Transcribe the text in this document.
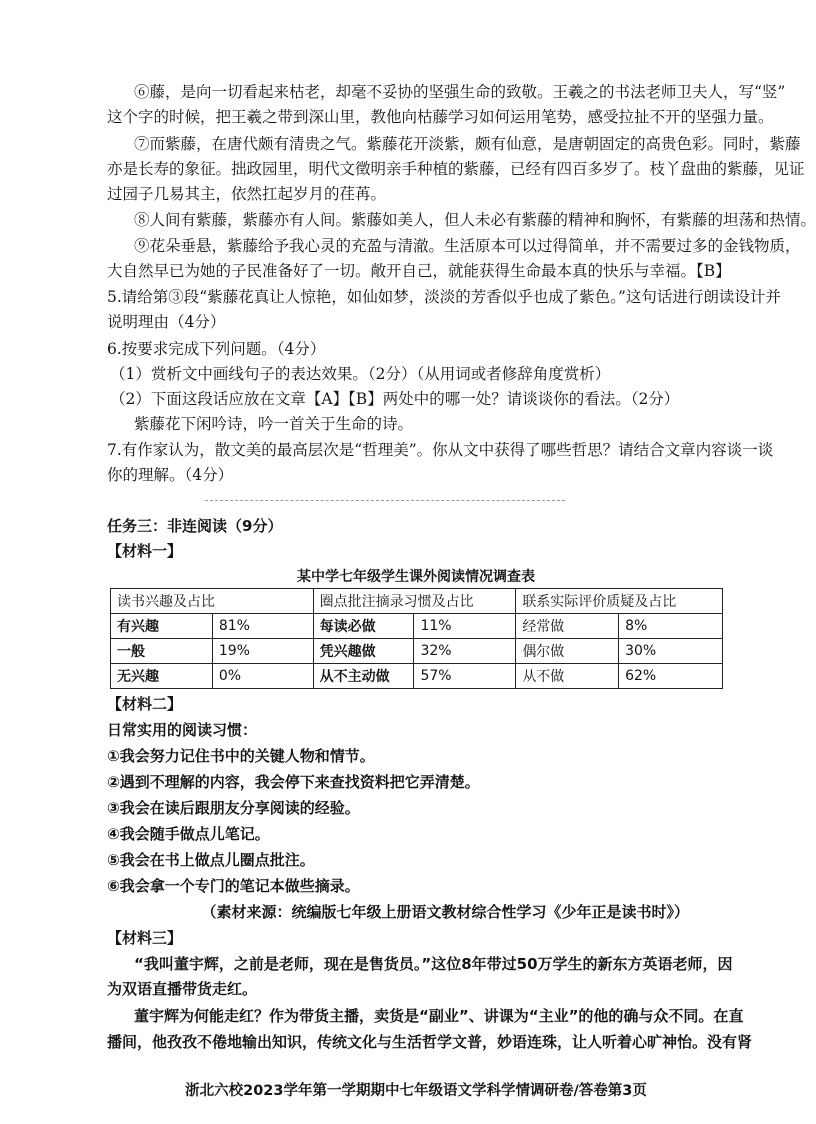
⑥藤，是向一切看起来枯老，却毫不妥协的坚强生命的致敬。王羲之的书法老师卫夫人，写“竖”
这个字的时候，把王羲之带到深山里，教他向枯藤学习如何运用笔势，感受拉扯不开的坚强力量。
⑦而紫藤，在唐代颇有清贵之气。紫藤花开淡紫，颇有仙意，是唐朝固定的高贵色彩。同时，紫藤
亦是长寿的象征。拙政园里，明代文徵明亲手种植的紫藤，已经有四百多岁了。枝丫盘曲的紫藤，见证
过园子几易其主，依然扛起岁月的荏苒。
⑧人间有紫藤，紫藤亦有人间。紫藤如美人，但人未必有紫藤的精神和胸怀，有紫藤的坦荡和热情。
⑨花朵垂悬，紫藤给予我心灵的充盈与清澈。生活原本可以过得简单，并不需要过多的金钱物质，
大自然早已为她的子民准备好了一切。敞开自己，就能获得生命最本真的快乐与幸福。【B】
5.请给第③段“紫藤花真让人惊艳，如仙如梦，淡淡的芳香似乎也成了紫色。”这句话进行朗读设计并
说明理由（4分）
6.按要求完成下列问题。（4分）
（1）赏析文中画线句子的表达效果。（2分）（从用词或者修辞角度赏析）
（2）下面这段话应放在文章【A】【B】两处中的哪一处？请谈谈你的看法。（2分）
紫藤花下闲吟诗，吟一首关于生命的诗。
7.有作家认为，散文美的最高层次是“哲理美”。你从文中获得了哪些哲思？请结合文章内容谈一谈
你的理解。（4分）
任务三：非连阅读（9分）
【材料一】
某中学七年级学生课外阅读情况调查表
读书兴趣及占比		圈点批注摘录习惯及占比		联系实际评价质疑及占比	
有兴趣	81%	每读必做	11%	经常做	8%
一般	19%	凭兴趣做	32%	偶尔做	30%
无兴趣	0%	从不主动做	57%	从不做	62%
【材料二】
日常实用的阅读习惯：
①我会努力记住书中的关键人物和情节。
②遇到不理解的内容，我会停下来查找资料把它弄清楚。
③我会在读后跟朋友分享阅读的经验。
④我会随手做点儿笔记。
⑤我会在书上做点儿圈点批注。
⑥我会拿一个专门的笔记本做些摘录。
（素材来源：统编版七年级上册语文教材综合性学习《少年正是读书时》）
【材料三】
“我叫董宇辉，之前是老师，现在是售货员。”这位8年带过50万学生的新东方英语老师，因
为双语直播带货走红。
董宇辉为何能走红？作为带货主播，卖货是“副业”、讲课为“主业”的他的确与众不同。在直
播间，他孜孜不倦地输出知识，传统文化与生活哲学文普，妙语连珠，让人听着心旷神怡。没有肾
浙北六校2023学年第一学期期中七年级语文学科学情调研卷/答卷第3页
